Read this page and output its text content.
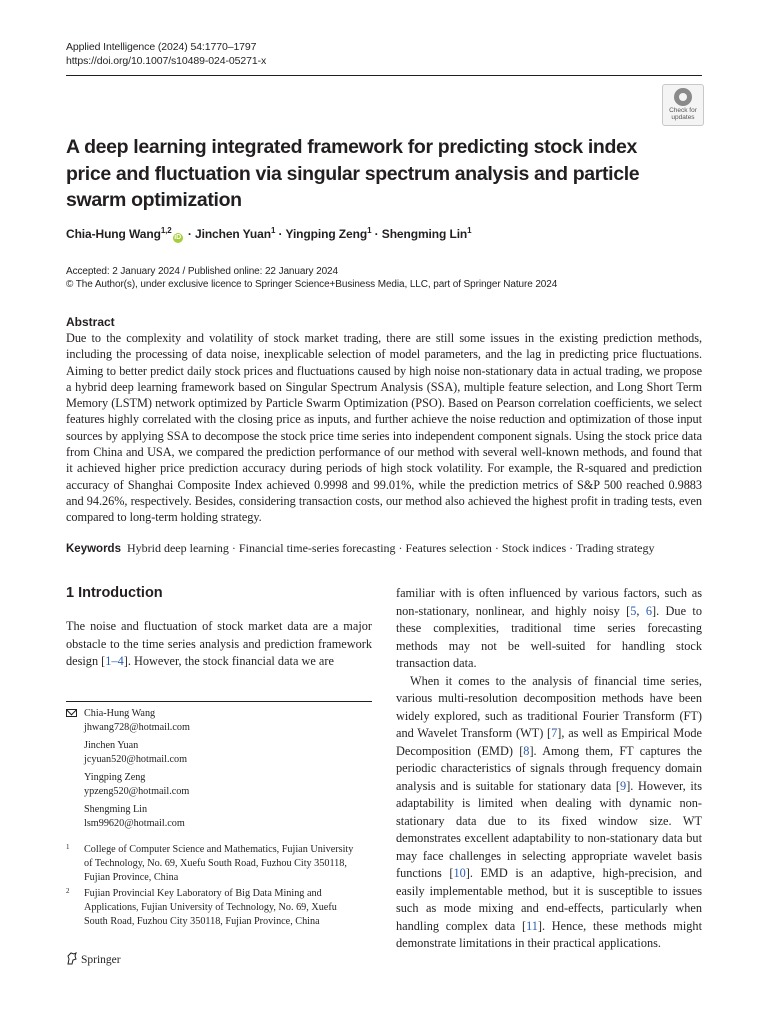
Applied Intelligence (2024) 54:1770–1797
https://doi.org/10.1007/s10489-024-05271-x
Check for
updates
A deep learning integrated framework for predicting stock index price and fluctuation via singular spectrum analysis and particle swarm optimization
Chia-Hung Wang$^{1,2}$iD · Jinchen Yuan$^1$ · Yingping Zeng$^1$ · Shengming Lin$^1$
Accepted: 2 January 2024 / Published online: 22 January 2024
© The Author(s), under exclusive licence to Springer Science+Business Media, LLC, part of Springer Nature 2024
Abstract
Due to the complexity and volatility of stock market trading, there are still some issues in the existing prediction methods, including the processing of data noise, inexplicable selection of model parameters, and the lag in predicting price fluctuations. Aiming to better predict daily stock prices and fluctuations caused by high noise non-stationary data in actual trading, we propose a hybrid deep learning framework based on Singular Spectrum Analysis (SSA), multiple feature selection, and Long Short Term Memory (LSTM) network optimized by Particle Swarm Optimization (PSO). Based on Pearson correlation coefficients, we select features highly correlated with the closing price as inputs, and further achieve the noise reduction and optimization of those input sources by applying SSA to decompose the stock price time series into independent component signals. Using the stock price data from China and USA, we compared the prediction performance of our method with several well-known methods, and found that it achieved higher price prediction accuracy during periods of high stock volatility. For example, the R-squared and prediction accuracy of Shanghai Composite Index achieved 0.9998 and 99.01%, while the prediction metrics of S&P 500 reached 0.9883 and 94.26%, respectively. Besides, considering transaction costs, our method also achieved the highest profit in trading tests, even compared to long-term holding strategy.
Keywords Hybrid deep learning · Financial time-series forecasting · Features selection · Stock indices · Trading strategy
1 Introduction

The noise and fluctuation of stock market data are a major obstacle to the time series analysis and prediction framework design [1–4]. However, the stock financial data we are

Chia-Hung Wang
jhwang728@hotmail.com
Jinchen Yuan
jcyuan520@hotmail.com
Yingping Zeng
ypzeng520@hotmail.com
Shengming Lin
lsm99620@hotmail.com
1 College of Computer Science and Mathematics, Fujian University of Technology, No. 69, Xuefu South Road, Fuzhou City 350118, Fujian Province, China
2 Fujian Provincial Key Laboratory of Big Data Mining and Applications, Fujian University of Technology, No. 69, Xuefu South Road, Fuzhou City 350118, Fujian Province, China

familiar with is often influenced by various factors, such as non-stationary, nonlinear, and highly noisy [5, 6]. Due to these complexities, traditional time series forecasting methods may not be well-suited for handling stock transaction data.

When it comes to the analysis of financial time series, various multi-resolution decomposition methods have been widely explored, such as traditional Fourier Transform (FT) and Wavelet Transform (WT) [7], as well as Empirical Mode Decomposition (EMD) [8]. Among them, FT captures the periodic characteristics of signals through frequency domain analysis and is suitable for stationary data [9]. However, its adaptability is limited when dealing with dynamic non-stationary data due to its fixed window size. WT demonstrates excellent adaptability to non-stationary data but may face challenges in selecting appropriate wavelet basis functions [10]. EMD is an adaptive, high-precision, and easily implementable method, but it is susceptible to issues such as mode mixing and end-effects, particularly when handling complex data [11]. Hence, these methods might demonstrate limitations in their practical applications.

Springer
